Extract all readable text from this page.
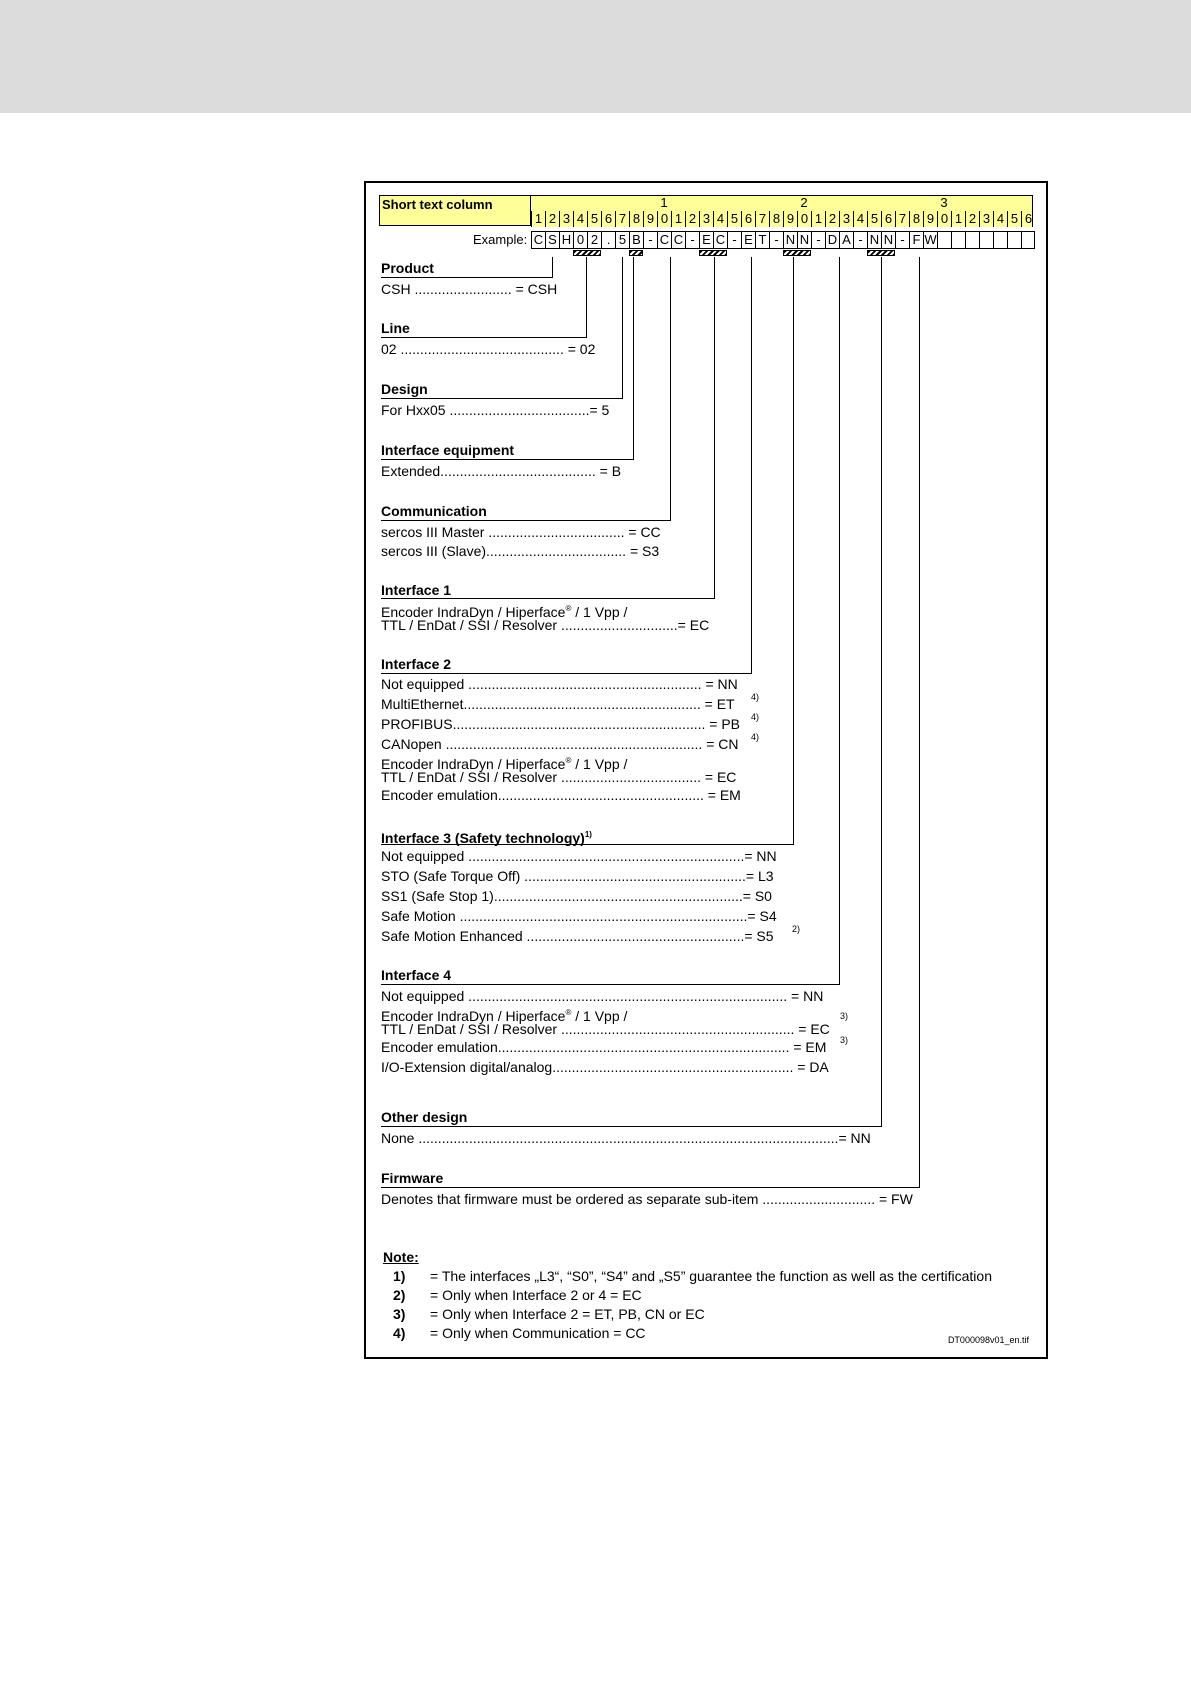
Short text column	1	2	3
1 2 3 4 5 6 7 8 9 0 1 2 3 4 5 6 7 8 9 0 1 2 3 4 5 6 7 8 9 0 1 2 3 4 5 6
Example: C S H 0 2 . 5 B - C C - E C - E T - N N - D A - N N - F W
Product
CSH ......................... = CSH
Line
02 .......................................... = 02
Design
For Hxx05 ....................................= 5
Interface equipment
Extended........................................ = B
Communication
sercos III Master ................................... = CC
sercos III (Slave).................................... = S3
Interface 1
Encoder IndraDyn / Hiperface® / 1 Vpp /
TTL / EnDat / SSI / Resolver ..............................= EC
Interface 2
Not equipped ............................................................ = NN
MultiEthernet............................................................. = ET 4)
PROFIBUS................................................................. = PB 4)
CANopen .................................................................. = CN 4)
Encoder IndraDyn / Hiperface® / 1 Vpp /
TTL / EnDat / SSI / Resolver .................................... = EC
Encoder emulation..................................................... = EM
Interface 3 (Safety technology)$^{1)}$
Not equipped .......................................................................= NN
STO (Safe Torque Off) .........................................................= L3
SS1 (Safe Stop 1)................................................................= S0
Safe Motion ..........................................................................= S4
Safe Motion Enhanced ........................................................= S5 2)
Interface 4
Not equipped .................................................................................. = NN
Encoder IndraDyn / Hiperface® / 1 Vpp /	3)
TTL / EnDat / SSI / Resolver ............................................................ = EC
Encoder emulation........................................................................... = EM 3)
I/O-Extension digital/analog.............................................................. = DA
Other design
None ............................................................................................................= NN
Firmware
Denotes that firmware must be ordered as separate sub-item ............................. = FW
Note:
1) = The interfaces „L3“, “S0”, “S4” and „S5” guarantee the function as well as the certification
2) = Only when Interface 2 or 4 = EC
3) = Only when Interface 2 = ET, PB, CN or EC
4) = Only when Communication = CC	DT000098v01_en.tif
